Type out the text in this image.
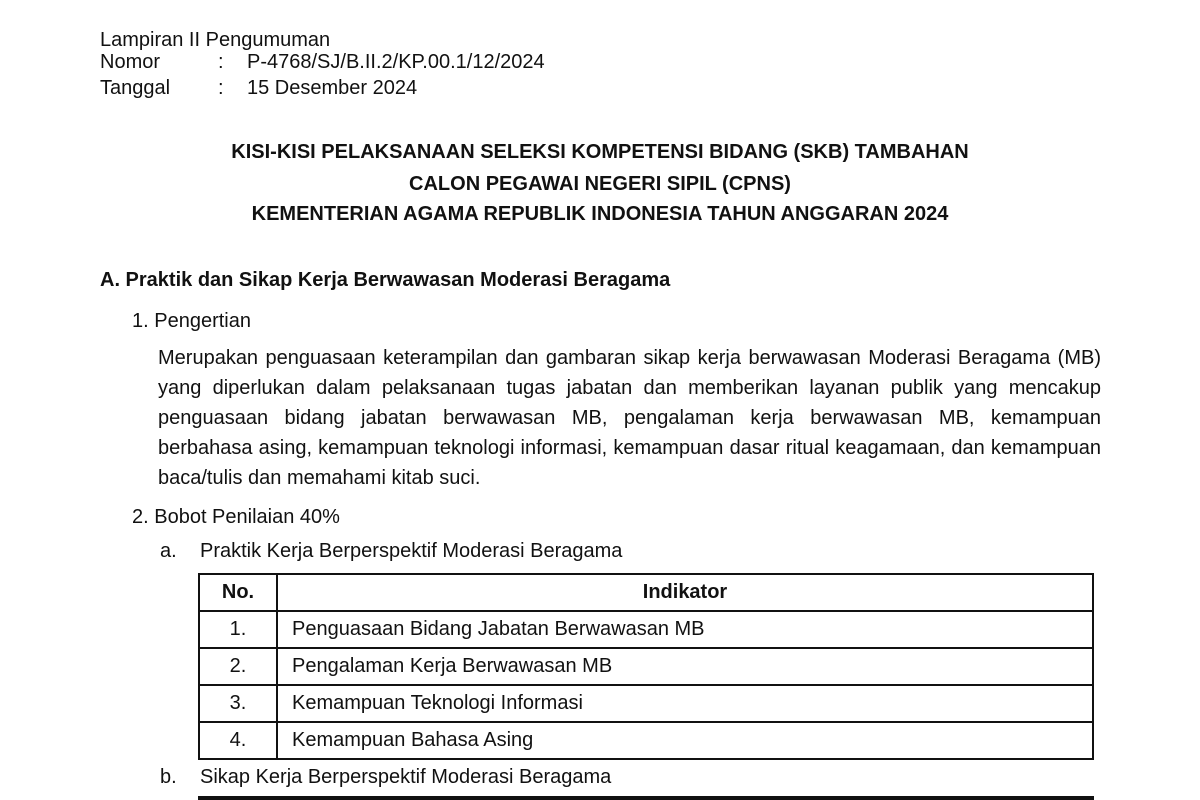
Lampiran II Pengumuman
Nomor	: P-4768/SJ/B.II.2/KP.00.1/12/2024
Tanggal : 15 Desember 2024
KISI-KISI PELAKSANAAN SELEKSI KOMPETENSI BIDANG (SKB) TAMBAHAN
CALON PEGAWAI NEGERI SIPIL (CPNS)
KEMENTERIAN AGAMA REPUBLIK INDONESIA TAHUN ANGGARAN 2024
A. Praktik dan Sikap Kerja Berwawasan Moderasi Beragama
1. Pengertian
Merupakan penguasaan keterampilan dan gambaran sikap kerja berwawasan Moderasi Beragama (MB) yang diperlukan dalam pelaksanaan tugas jabatan dan memberikan layanan publik yang mencakup penguasaan bidang jabatan berwawasan MB, pengalaman kerja berwawasan MB, kemampuan berbahasa asing, kemampuan teknologi informasi, kemampuan dasar ritual keagamaan, dan kemampuan baca/tulis dan memahami kitab suci.
2. Bobot Penilaian 40%
a. Praktik Kerja Berperspektif Moderasi Beragama
No.	Indikator
1.	Penguasaan Bidang Jabatan Berwawasan MB
2.	Pengalaman Kerja Berwawasan MB
3.	Kemampuan Teknologi Informasi
4.	Kemampuan Bahasa Asing
b. Sikap Kerja Berperspektif Moderasi Beragama
